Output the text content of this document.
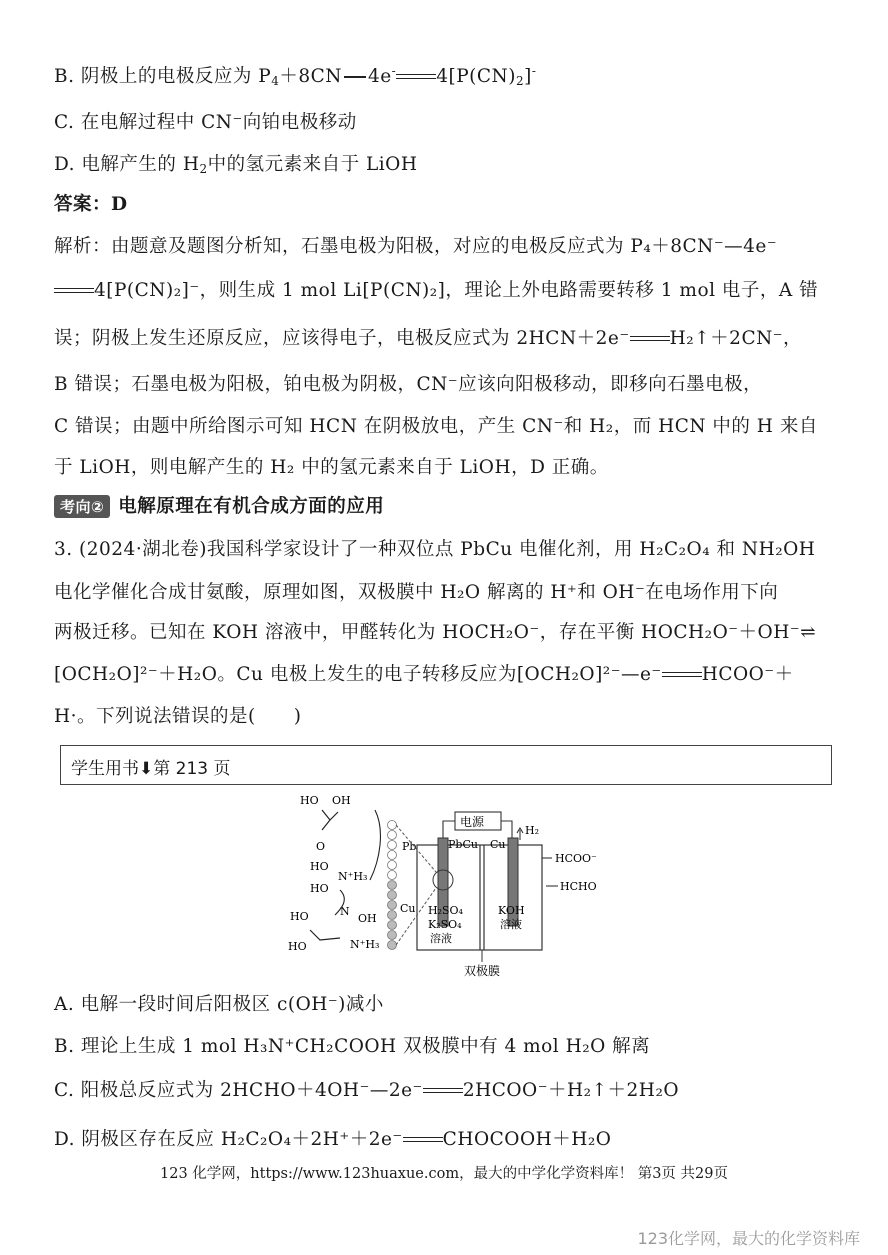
B. 阴极上的电极反应为 $P_4+8CN$ 4e- $4[P(CN)_2]^-$
C. 在电解过程中 CN⁻向铂电极移动
D. 电解产生的 $H_2$中的氢元素来自于 LiOH
答案：D
解析：由题意及题图分析知，石墨电极为阳极，对应的电极反应式为 P₄＋8CN⁻—4e⁻
4[P(CN)₂]⁻，则生成 1 mol Li[P(CN)₂]，理论上外电路需要转移 1 mol 电子，A 错
误；阴极上发生还原反应，应该得电子，电极反应式为 2HCN＋2e⁻ H₂↑＋2CN⁻，
B 错误；石墨电极为阳极，铂电极为阴极，CN⁻应该向阳极移动，即移向石墨电极，
C 错误；由题中所给图示可知 HCN 在阴极放电，产生 CN⁻和 H₂，而 HCN 中的 H 来自
于 LiOH，则电解产生的 H₂ 中的氢元素来自于 LiOH，D 正确。
考向② 电解原理在有机合成方面的应用
3. (2024·湖北卷)我国科学家设计了一种双位点 PbCu 电催化剂，用 H₂C₂O₄ 和 NH₂OH
电化学催化合成甘氨酸，原理如图，双极膜中 H₂O 解离的 H⁺和 OH⁻在电场作用下向
两极迁移。已知在 KOH 溶液中，甲醛转化为 HOCH₂O⁻，存在平衡 HOCH₂O⁻＋OH⁻⇌
[OCH₂O]²⁻＋H₂O。Cu 电极上发生的电子转移反应为[OCH₂O]²⁻—e⁻ HCOO⁻＋
H·。下列说法错误的是(　　)
学生用书⬇第 213 页
HO OH
O
HO
HO
N⁺H₃
HO	N
OH
HO	N⁺H₃
Pb
Cu
电源
PbCu Cu
H₂
HCOO⁻
HCHO
H₂SO₄
K₂SO₄
溶液
KOH
溶液
双极膜
A. 电解一段时间后阳极区 c(OH⁻)减小
B. 理论上生成 1 mol H₃N⁺CH₂COOH 双极膜中有 4 mol H₂O 解离
C. 阳极总反应式为 2HCHO＋4OH⁻—2e⁻ 2HCOO⁻＋H₂↑＋2H₂O
D. 阴极区存在反应 H₂C₂O₄＋2H⁺＋2e⁻ CHOCOOH＋H₂O
123 化学网，https://www.123huaxue.com，最大的中学化学资料库！ 第3页 共29页
123化学网，最大的化学资料库
